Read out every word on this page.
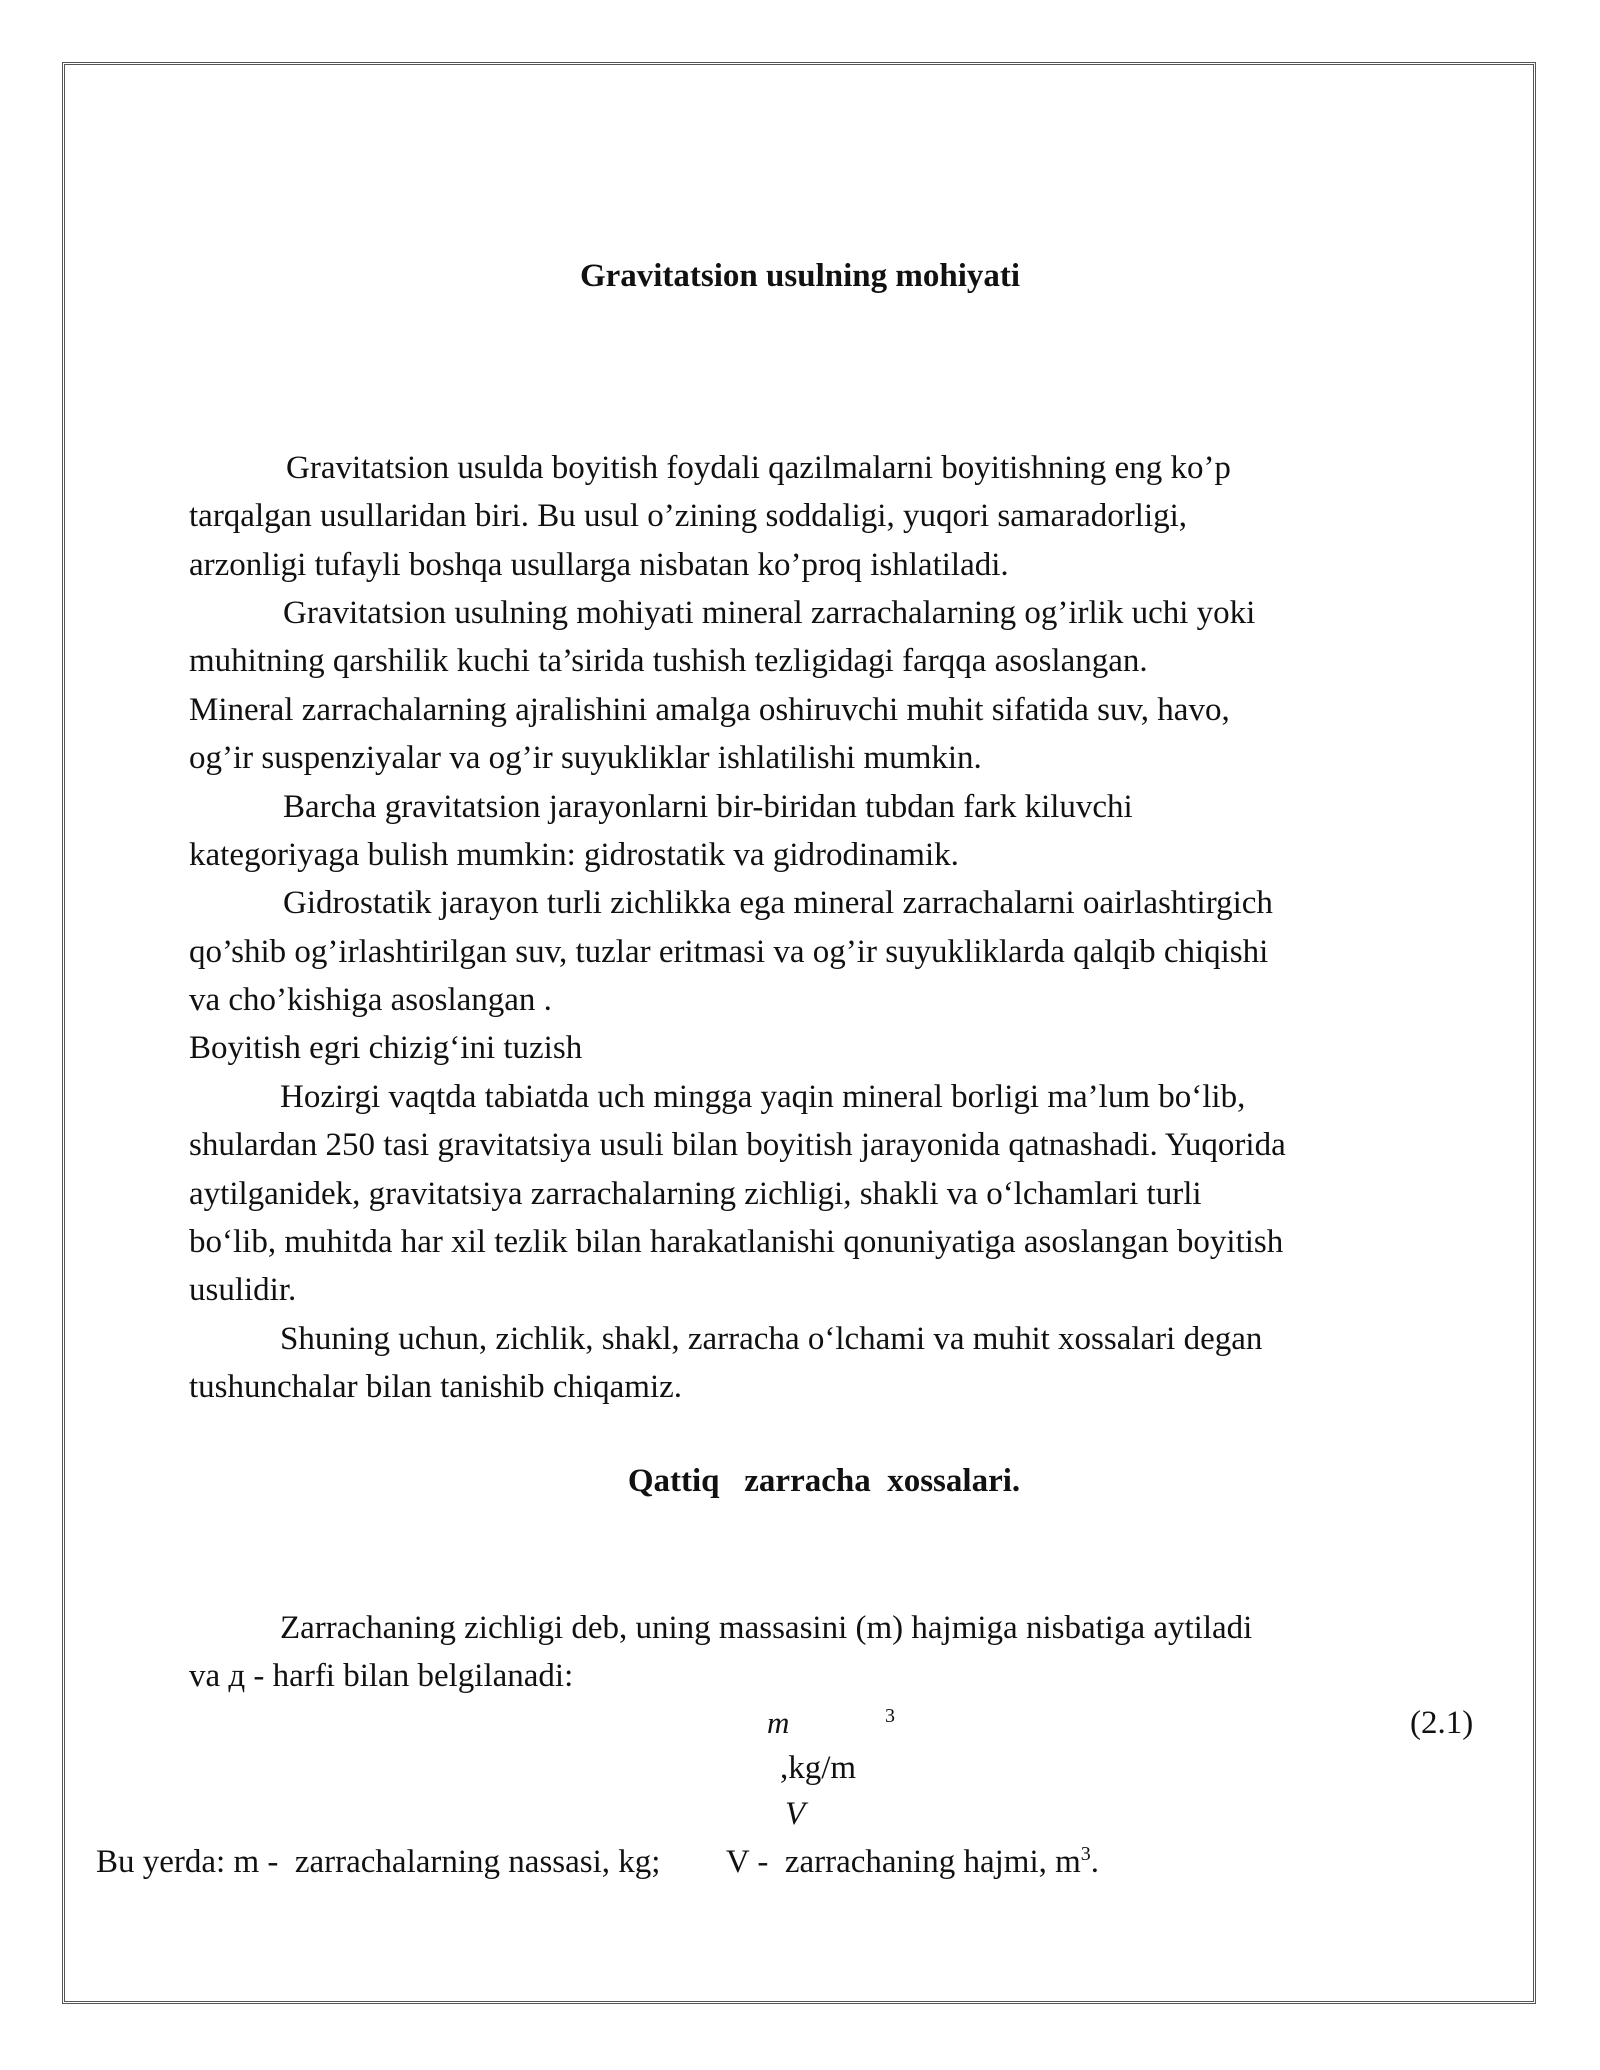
Gravitatsion usulning mohiyati
Gravitatsion usulda boyitish foydali qazilmalarni boyitishning eng ko’p
tarqalgan usullaridan biri. Bu usul o’zining soddaligi, yuqori samaradorligi,
arzonligi tufayli boshqa usullarga nisbatan ko’proq ishlatiladi.
Gravitatsion usulning mohiyati mineral zarrachalarning og’irlik uchi yoki
muhitning qarshilik kuchi ta’sirida tushish tezligidagi farqqa asoslangan.
Mineral zarrachalarning ajralishini amalga oshiruvchi muhit sifatida suv, havo,
og’ir suspenziyalar va og’ir suyukliklar ishlatilishi mumkin.
Barcha gravitatsion jarayonlarni bir-biridan tubdan fark kiluvchi
kategoriyaga bulish mumkin: gidrostatik va gidrodinamik.
Gidrostatik jarayon turli zichlikka ega mineral zarrachalarni oairlashtirgich
qo’shib og’irlashtirilgan suv, tuzlar eritmasi va og’ir suyukliklarda qalqib chiqishi
va cho’kishiga asoslangan .
Boyitish egri chizig‘ini tuzish
Hozirgi vaqtda tabiatda uch mingga yaqin mineral borligi ma’lum bo‘lib,
shulardan 250 tasi gravitatsiya usuli bilan boyitish jarayonida qatnashadi. Yuqorida
aytilganidek, gravitatsiya zarrachalarning zichligi, shakli va o‘lchamlari turli
bo‘lib, muhitda har xil tezlik bilan harakatlanishi qonuniyatiga asoslangan boyitish
usulidir.
Shuning uchun, zichlik, shakl, zarracha o‘lchami va muhit xossalari degan
tushunchalar bilan tanishib chiqamiz.
Qattiq   zarracha  xossalari.
Zarrachaning zichligi deb, uning massasini (m) hajmiga nisbatiga aytiladi
va д - harfi bilan belgilanadi:
m	3
,kg/m
V
(2.1)
Bu yerda: m -  zarrachalarning nassasi, kg;        V -  zarrachaning hajmi, $m^3$.
